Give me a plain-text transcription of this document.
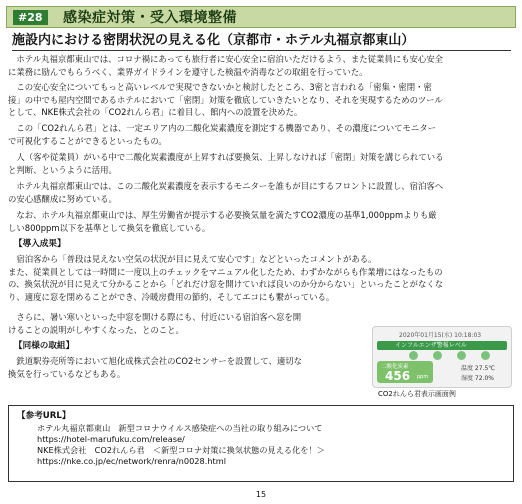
#28	感染症対策・受入環境整備
施設内における密閉状況の見える化（京都市・ホテル丸福京都東山）
ホテル丸福京都東山では、コロナ禍にあっても旅行者に安心安全に宿泊いただけるよう、また従業員にも安心安全
に業務に励んでもらうべく、業界ガイドラインを遵守した検温や消毒などの取組を行っていた。
この安心安全についてもっと高いレベルで実現できないかと検討したところ、3密と言われる「密集・密閉・密
接」の中でも屋内空間であるホテルにおいて「密閉」対策を徹底していきたいとなり、それを実現するためのツール
として、NKE株式会社の「CO2れんら君」に着目し、館内への設置を決めた。
この「CO2れんら君」とは、一定エリア内の二酸化炭素濃度を測定する機器であり、その濃度についてモニター
で可視化することができるといったもの。
人（客や従業員）がいる中で二酸化炭素濃度が上昇すれば要換気、上昇しなければ「密閉」対策を講じられている
と判断、というように活用。
ホテル丸福京都東山では、この二酸化炭素濃度を表示するモニターを誰もが目にするフロントに設置し、宿泊客へ
の安心感醸成に努めている。
なお、ホテル丸福京都東山では、厚生労働省が提示する必要換気量を満たすCO2濃度の基準1,000ppmよりも厳
しい800ppm以下を基準として換気を徹底している。
【導入成果】
宿泊客から「普段は見えない空気の状況が目に見えて安心です」などといったコメントがある。
また、従業員としては一時間に一度以上のチェックをマニュアル化したため、わずかながらも作業増にはなったもの
の、換気状況が目に見えて分かることから「どれだけ窓を開けていれば良いのか分からない」といったことがなくな
り、適度に窓を閉めることができ、冷暖房費用の節約、そしてエコにも繋がっている。
さらに、暑い寒いといった中窓を開ける際にも、付近にいる宿泊客へ窓を開
けることの説明がしやすくなった、とのこと。
【同様の取組】
鉄道駅券売所等において旭化成株式会社のCO2センサーを設置して、適切な
換気を行っているなどもある。
2020年01月15(水) 10:18:03
インフルエンザ警報レベル
二酸化炭素
456 ppm
温度 27.5℃
湿度 72.0%
CO2れんら君表示画面例
【参考URL】
ホテル丸福京都東山　新型コロナウイルス感染症への当社の取り組みについて
https://hotel-marufuku.com/release/
NKE株式会社　CO2れんら君　＜新型コロナ対策に換気状態の見える化を！＞
https://nke.co.jp/ec/network/renra/n0028.html
15
